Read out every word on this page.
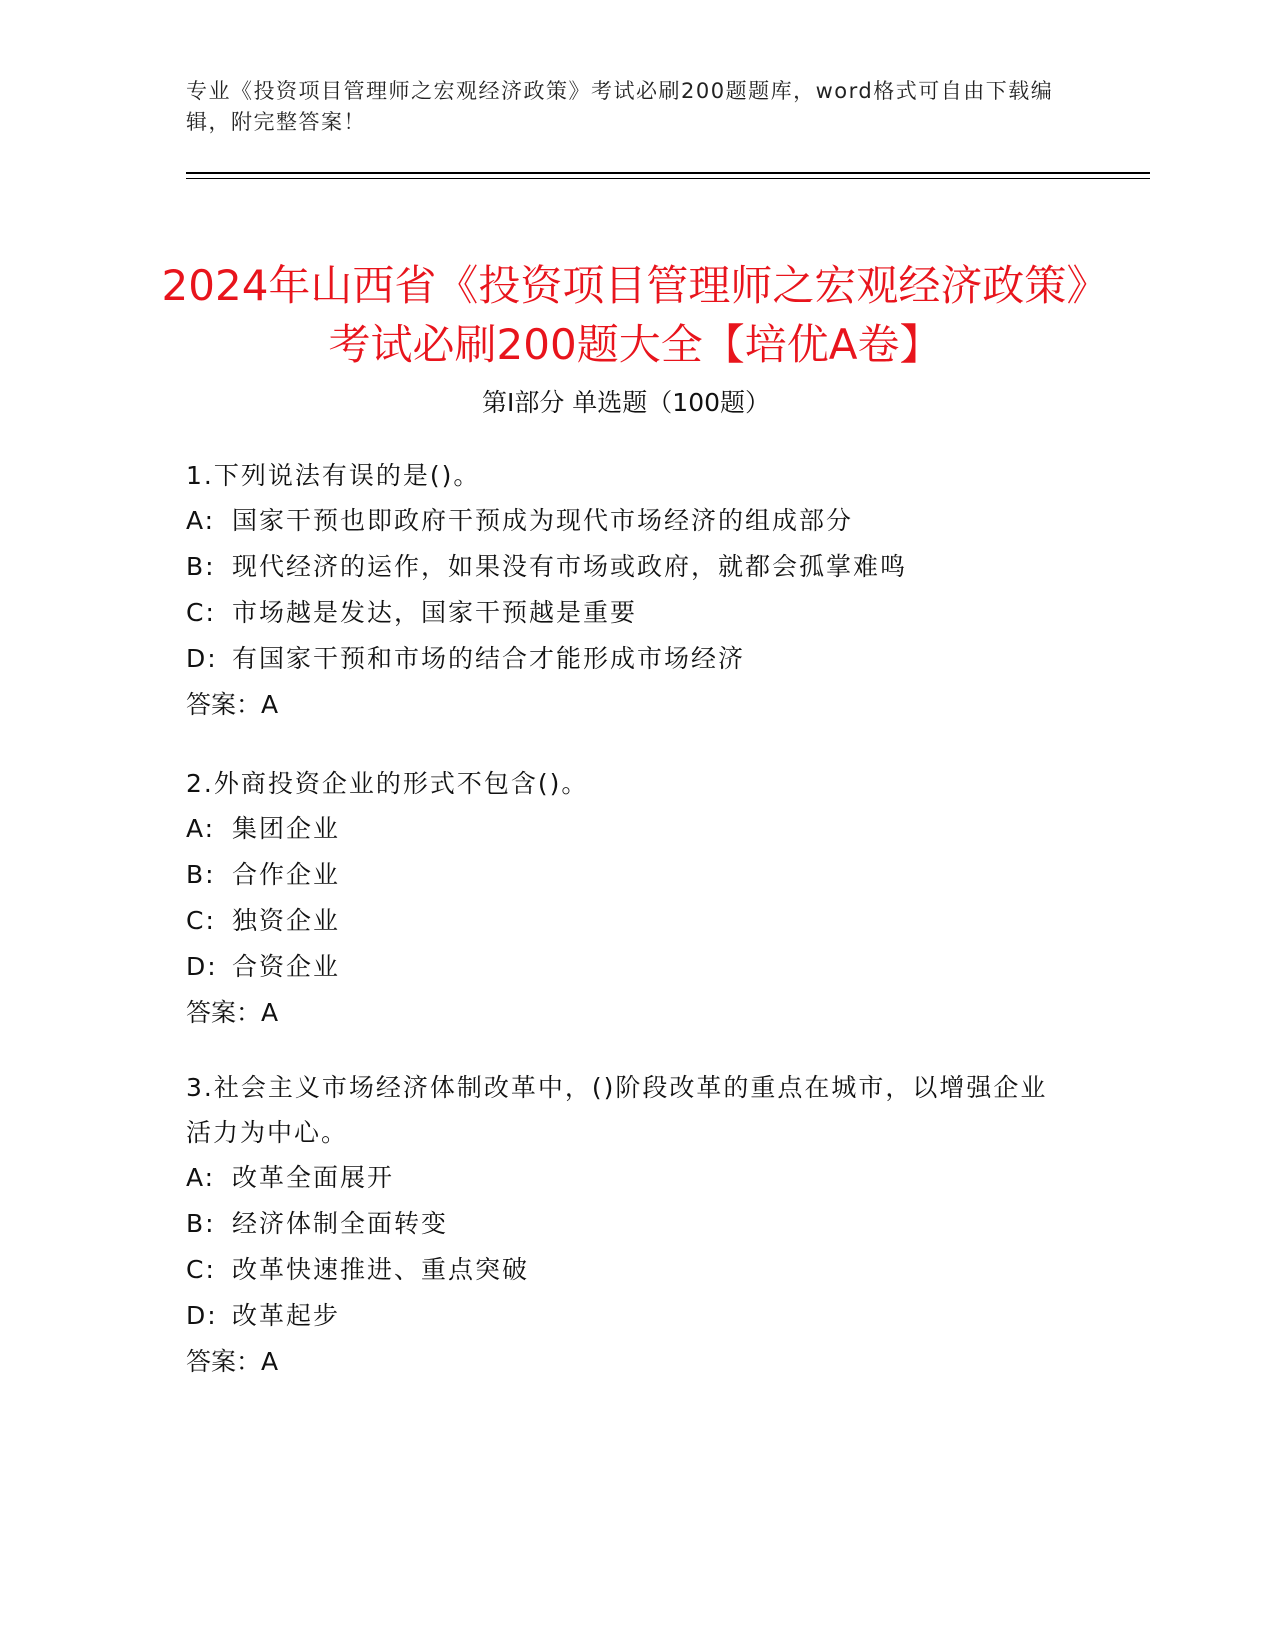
专业《投资项目管理师之宏观经济政策》考试必刷200题题库，word格式可自由下载编辑，附完整答案！
2024年山西省《投资项目管理师之宏观经济政策》考试必刷200题大全【培优A卷】
第Ⅰ部分 单选题（100题）

1.下列说法有误的是()。

A: 国家干预也即政府干预成为现代市场经济的组成部分

B: 现代经济的运作，如果没有市场或政府，就都会孤掌难鸣

C: 市场越是发达，国家干预越是重要

D: 有国家干预和市场的结合才能形成市场经济

答案：A

2.外商投资企业的形式不包含()。

A: 集团企业

B: 合作企业

C: 独资企业

D: 合资企业

答案：A

3.社会主义市场经济体制改革中，()阶段改革的重点在城市，以增强企业活力为中心。

A: 改革全面展开

B: 经济体制全面转变

C: 改革快速推进、重点突破

D: 改革起步

答案：A
